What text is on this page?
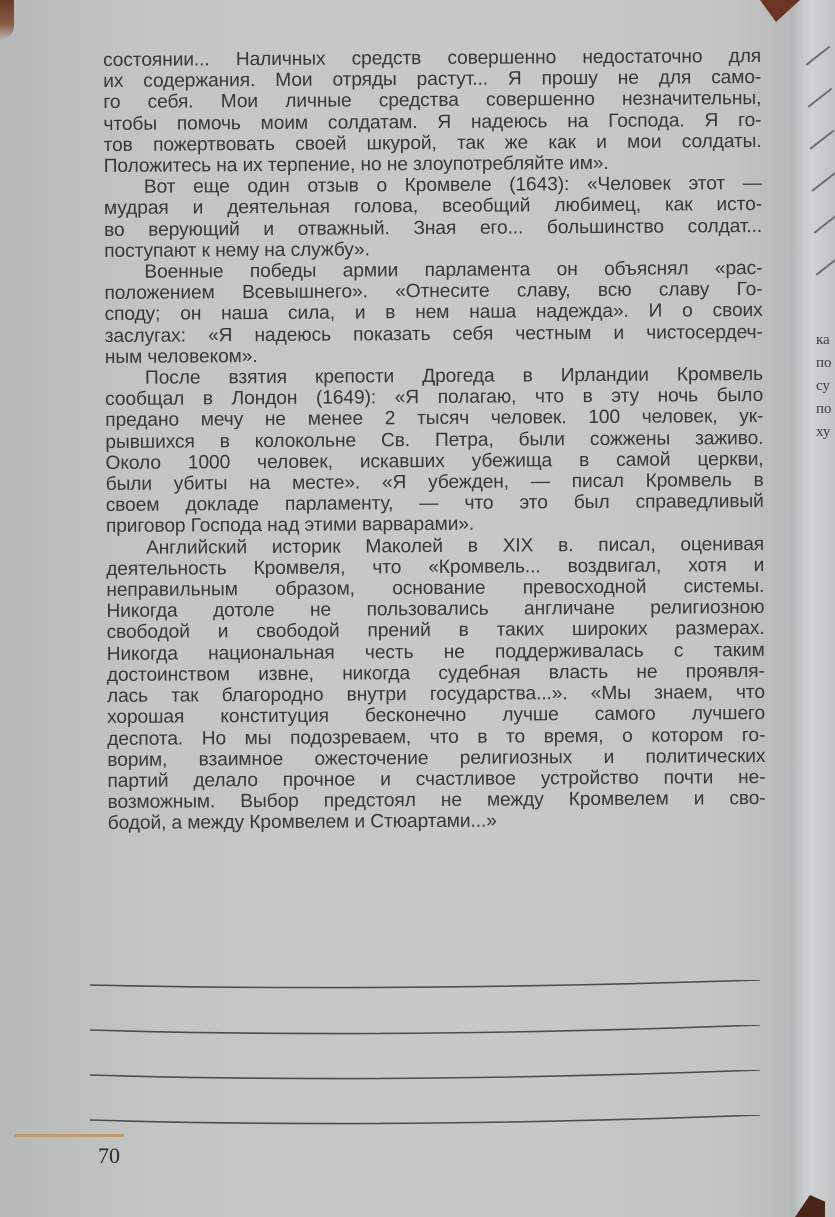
состоянии... Наличных средств совершенно недостаточно для
их содержания. Мои отряды растут... Я прошу не для само-
го себя. Мои личные средства совершенно незначительны,
чтобы помочь моим солдатам. Я надеюсь на Господа. Я го-
тов пожертвовать своей шкурой, так же как и мои солдаты.
Положитесь на их терпение, но не злоупотребляйте им».
Вот еще один отзыв о Кромвеле (1643): «Человек этот —
мудрая и деятельная голова, всеобщий любимец, как исто-
во верующий и отважный. Зная его... большинство солдат...
поступают к нему на службу».
Военные победы армии парламента он объяснял «рас-
положением Всевышнего». «Отнесите славу, всю славу Го-
споду; он наша сила, и в нем наша надежда». И о своих
заслугах: «Я надеюсь показать себя честным и чистосердеч-
ным человеком».
После взятия крепости Дрогеда в Ирландии Кромвель
сообщал в Лондон (1649): «Я полагаю, что в эту ночь было
предано мечу не менее 2 тысяч человек. 100 человек, ук-
рывшихся в колокольне Св. Петра, были сожжены заживо.
Около 1000 человек, искавших убежища в самой церкви,
были убиты на месте». «Я убежден, — писал Кромвель в
своем докладе парламенту, — что это был справедливый
приговор Господа над этими варварами».
Английский историк Маколей в XIX в. писал, оценивая
деятельность Кромвеля, что «Кромвель... воздвигал, хотя и
неправильным образом, основание превосходной системы.
Никогда дотоле не пользовались англичане религиозною
свободой и свободой прений в таких широких размерах.
Никогда национальная честь не поддерживалась с таким
достоинством извне, никогда судебная власть не проявля-
лась так благородно внутри государства...». «Мы знаем, что
хорошая конституция бесконечно лучше самого лучшего
деспота. Но мы подозреваем, что в то время, о котором го-
ворим, взаимное ожесточение религиозных и политических
партий делало прочное и счастливое устройство почти не-
возможным. Выбор предстоял не между Кромвелем и сво-
бодой, а между Кромвелем и Стюартами...»
70
ка
по
су
по
ху
